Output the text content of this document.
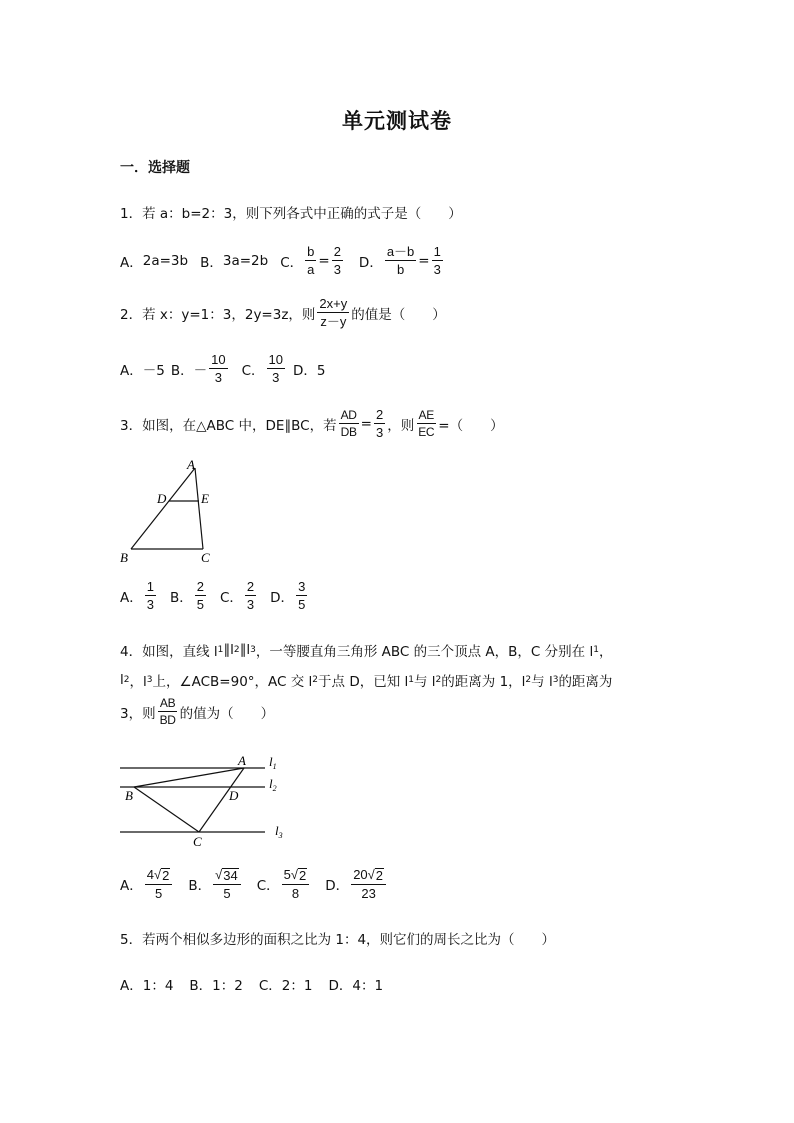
单元测试卷
一．选择题
1．若 a：b=2：3，则下列各式中正确的式子是（　　）
A． 2a=3b B． 3a=2b C． $\frac{b}{a} = \frac{2}{3}$ D． $\frac{a-b}{b} = \frac{1}{3}$
2．若 x：y=1：3，2y=3z，则 $\frac{2x+y}{z-y}$ 的值是（　　）
A．－5 B．－ $\frac{10}{3}$ C． $\frac{10}{3}$ D．5
3．如图，在△ABC 中，DE∥BC，若 $\frac{AD}{DB} = \frac{2}{3}$ ，则 $\frac{AE}{EC}$ =（　　）
A
D	E
B	C
A． $\frac{1}{3}$ B． $\frac{2}{5}$ C． $\frac{2}{3}$ D． $\frac{3}{5}$
4．如图，直线 l 1 ∥l 2 ∥l 3 ，一等腰直角三角形 ABC 的三个顶点 A，B，C 分别在 l 1 ，
l 2 ，l 3 上，∠ACB=90°，AC 交 l 2 于点 D，已知 l 1 与 l 2 的距离为 1，l 2 与 l 3 的距离为
3，则 $\frac{AB}{BD}$ 的值为（　　）
A
B	D
C
$l_1$
$l_2$
$l_3$
A． $\frac{4 √ 2}{5}$ B． $\frac{√ 34}{5}$ C． $\frac{5 √ 2}{8}$ D． $\frac{20 √ 2}{23}$
5．若两个相似多边形的面积之比为 1：4，则它们的周长之比为（　　）
A．1：4 B．1：2 C．2：1 D．4：1
